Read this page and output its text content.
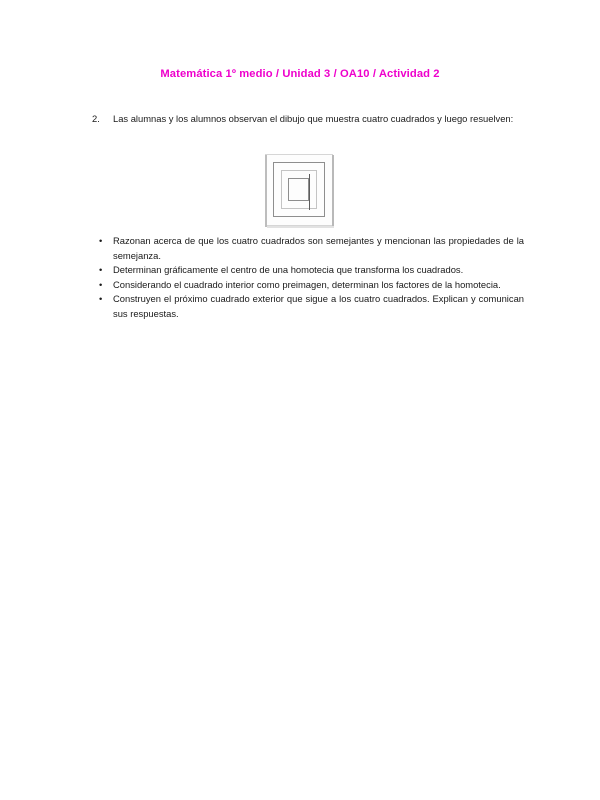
Matemática 1º medio / Unidad 3 / OA10 / Actividad 2
2. Las alumnas y los alumnos observan el dibujo que muestra cuatro cuadrados y luego resuelven:
• Razonan acerca de que los cuatro cuadrados son semejantes y mencionan las propiedades de la semejanza.
• Determinan gráficamente el centro de una homotecia que transforma los cuadrados.
• Considerando el cuadrado interior como preimagen, determinan los factores de la homotecia.
• Construyen el próximo cuadrado exterior que sigue a los cuatro cuadrados. Explican y comunican sus respuestas.
